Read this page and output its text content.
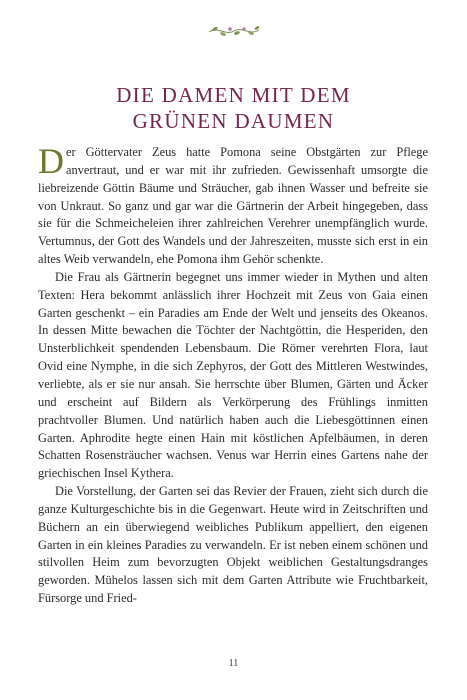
DIE DAMEN MIT DEM
GRÜNEN DAUMEN

Der Göttervater Zeus hatte Pomona seine Obstgärten zur Pflege anvertraut, und er war mit ihr zufrieden. Gewissenhaft umsorgte die liebreizende Göttin Bäume und Sträucher, gab ihnen Wasser und befreite sie von Unkraut. So ganz und gar war die Gärtnerin der Arbeit hingegeben, dass sie für die Schmeicheleien ihrer zahlreichen Verehrer unempfänglich wurde. Vertumnus, der Gott des Wandels und der Jahreszeiten, musste sich erst in ein altes Weib verwandeln, ehe Pomona ihm Gehör schenkte.

Die Frau als Gärtnerin begegnet uns immer wieder in Mythen und alten Texten: Hera bekommt anlässlich ihrer Hochzeit mit Zeus von Gaia einen Garten geschenkt – ein Paradies am Ende der Welt und jenseits des Okeanos. In dessen Mitte bewachen die Töchter der Nachtgöttin, die Hesperiden, den Unsterblichkeit spendenden Lebensbaum. Die Römer verehrten Flora, laut Ovid eine Nymphe, in die sich Zephyros, der Gott des Mittleren Westwindes, verliebte, als er sie nur ansah. Sie herrschte über Blumen, Gärten und Äcker und erscheint auf Bildern als Verkörperung des Frühlings inmitten prachtvoller Blumen. Und natürlich haben auch die Liebesgöttinnen einen Garten. Aphrodite hegte einen Hain mit köstlichen Apfelbäumen, in deren Schatten Rosensträucher wachsen. Venus war Herrin eines Gartens nahe der griechischen Insel Kythera.

Die Vorstellung, der Garten sei das Revier der Frauen, zieht sich durch die ganze Kulturgeschichte bis in die Gegenwart. Heute wird in Zeitschriften und Büchern an ein überwiegend weibliches Publikum appelliert, den eigenen Garten in ein kleines Paradies zu verwandeln. Er ist neben einem schönen und stilvollen Heim zum bevorzugten Objekt weiblichen Gestaltungsdranges geworden. Mühelos lassen sich mit dem Garten Attribute wie Fruchtbarkeit, Fürsorge und Fried-

11
